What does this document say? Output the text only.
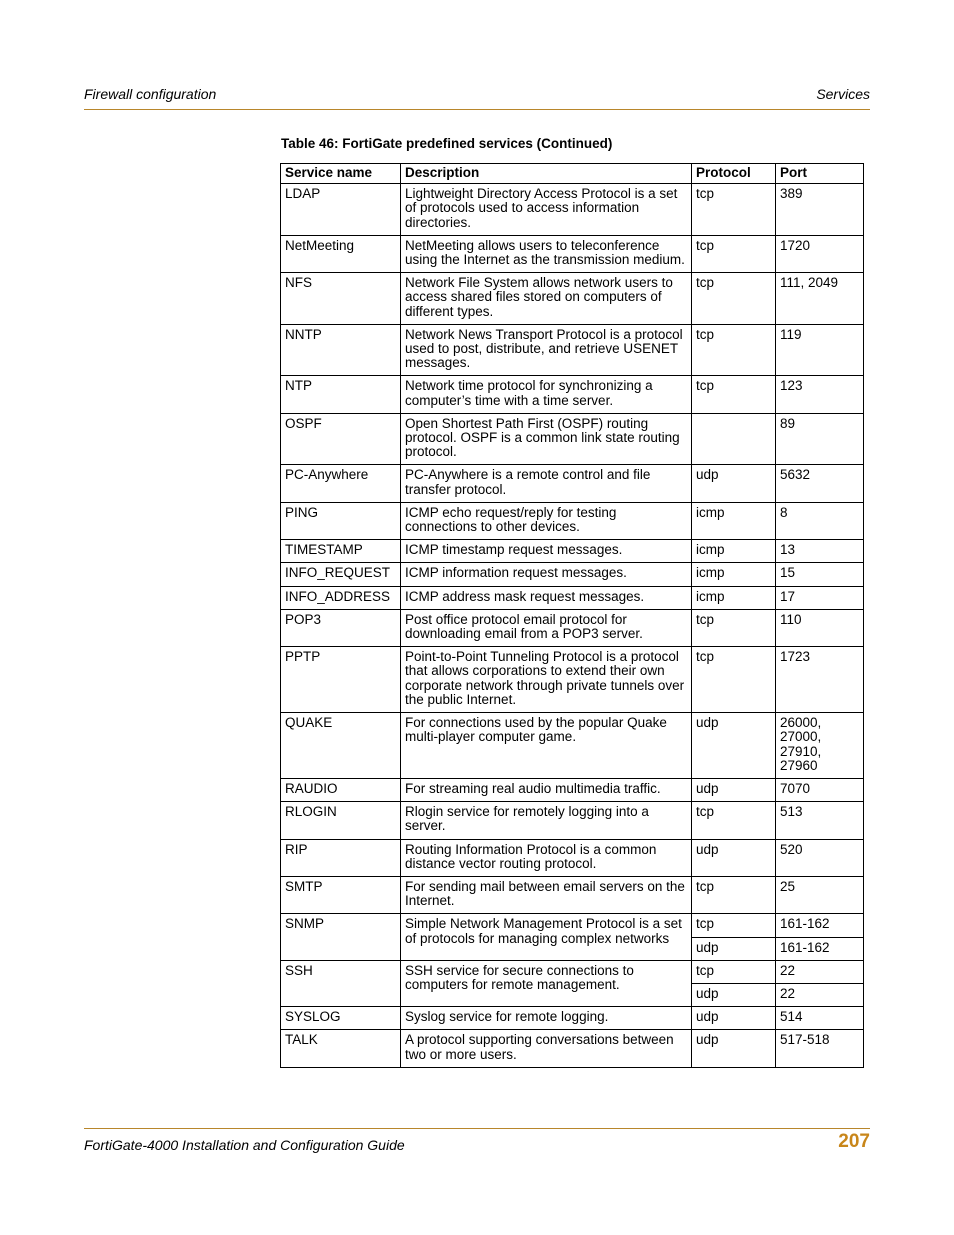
Firewall configuration	Services
Table 46: FortiGate predefined services (Continued)
Service name	Description	Protocol	Port
LDAP	Lightweight Directory Access Protocol is a set of protocols used to access information directories.	tcp	389
NetMeeting	NetMeeting allows users to teleconference using the Internet as the transmission medium.	tcp	1720
NFS	Network File System allows network users to access shared files stored on computers of different types.	tcp	111, 2049
NNTP	Network News Transport Protocol is a protocol used to post, distribute, and retrieve USENET messages.	tcp	119
NTP	Network time protocol for synchronizing a computer’s time with a time server.	tcp	123
OSPF	Open Shortest Path First (OSPF) routing protocol. OSPF is a common link state routing protocol.		89
PC-Anywhere	PC-Anywhere is a remote control and file transfer protocol.	udp	5632
PING	ICMP echo request/reply for testing connections to other devices.	icmp	8
TIMESTAMP	ICMP timestamp request messages.	icmp	13
INFO_REQUEST	ICMP information request messages.	icmp	15
INFO_ADDRESS	ICMP address mask request messages.	icmp	17
POP3	Post office protocol email protocol for downloading email from a POP3 server.	tcp	110
PPTP	Point-to-Point Tunneling Protocol is a protocol that allows corporations to extend their own corporate network through private tunnels over the public Internet.	tcp	1723
QUAKE	For connections used by the popular Quake multi-player computer game.	udp	26000,
27000,
27910,
27960
RAUDIO	For streaming real audio multimedia traffic.	udp	7070
RLOGIN	Rlogin service for remotely logging into a server.	tcp	513
RIP	Routing Information Protocol is a common distance vector routing protocol.	udp	520
SMTP	For sending mail between email servers on the Internet.	tcp	25
SNMP	Simple Network Management Protocol is a set of protocols for managing complex networks	tcp	161-162
		udp	161-162
SSH	SSH service for secure connections to computers for remote management.	tcp	22
		udp	22
SYSLOG	Syslog service for remote logging.	udp	514
TALK	A protocol supporting conversations between two or more users.	udp	517-518
FortiGate-4000 Installation and Configuration Guide	207
